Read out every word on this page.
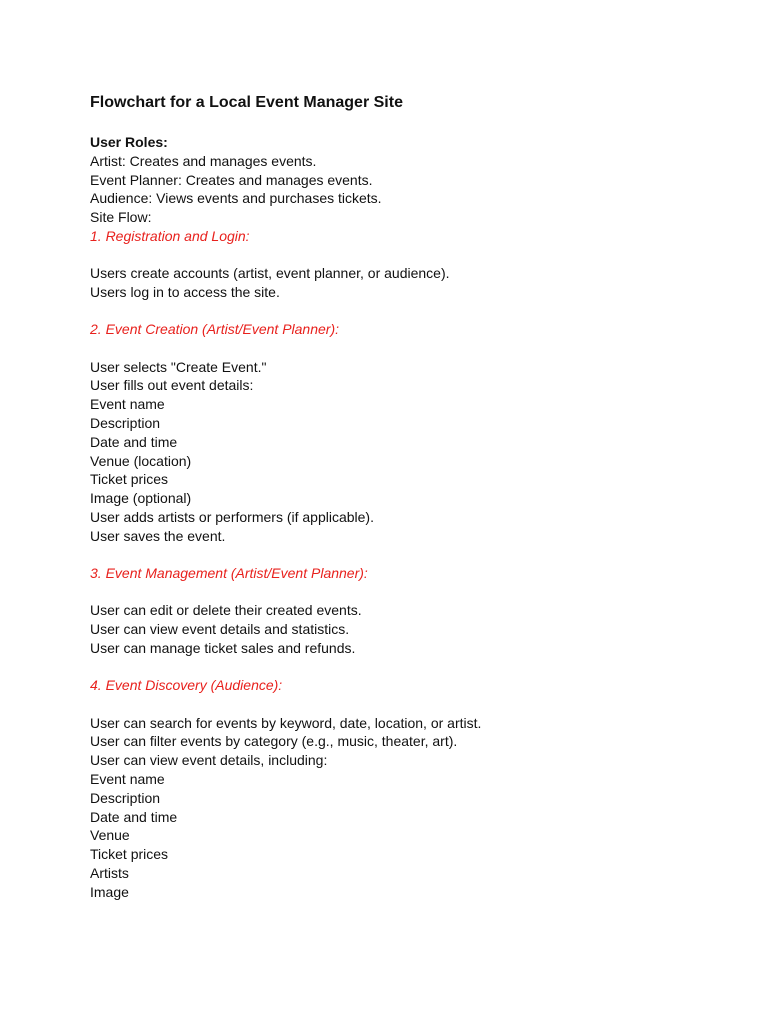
Flowchart for a Local Event Manager Site
User Roles:
Artist: Creates and manages events.
Event Planner: Creates and manages events.
Audience: Views events and purchases tickets.
Site Flow:
1. Registration and Login:
Users create accounts (artist, event planner, or audience).
Users log in to access the site.
2. Event Creation (Artist/Event Planner):
User selects "Create Event."
User fills out event details:
Event name
Description
Date and time
Venue (location)
Ticket prices
Image (optional)
User adds artists or performers (if applicable).
User saves the event.
3. Event Management (Artist/Event Planner):
User can edit or delete their created events.
User can view event details and statistics.
User can manage ticket sales and refunds.
4. Event Discovery (Audience):
User can search for events by keyword, date, location, or artist.
User can filter events by category (e.g., music, theater, art).
User can view event details, including:
Event name
Description
Date and time
Venue
Ticket prices
Artists
Image
